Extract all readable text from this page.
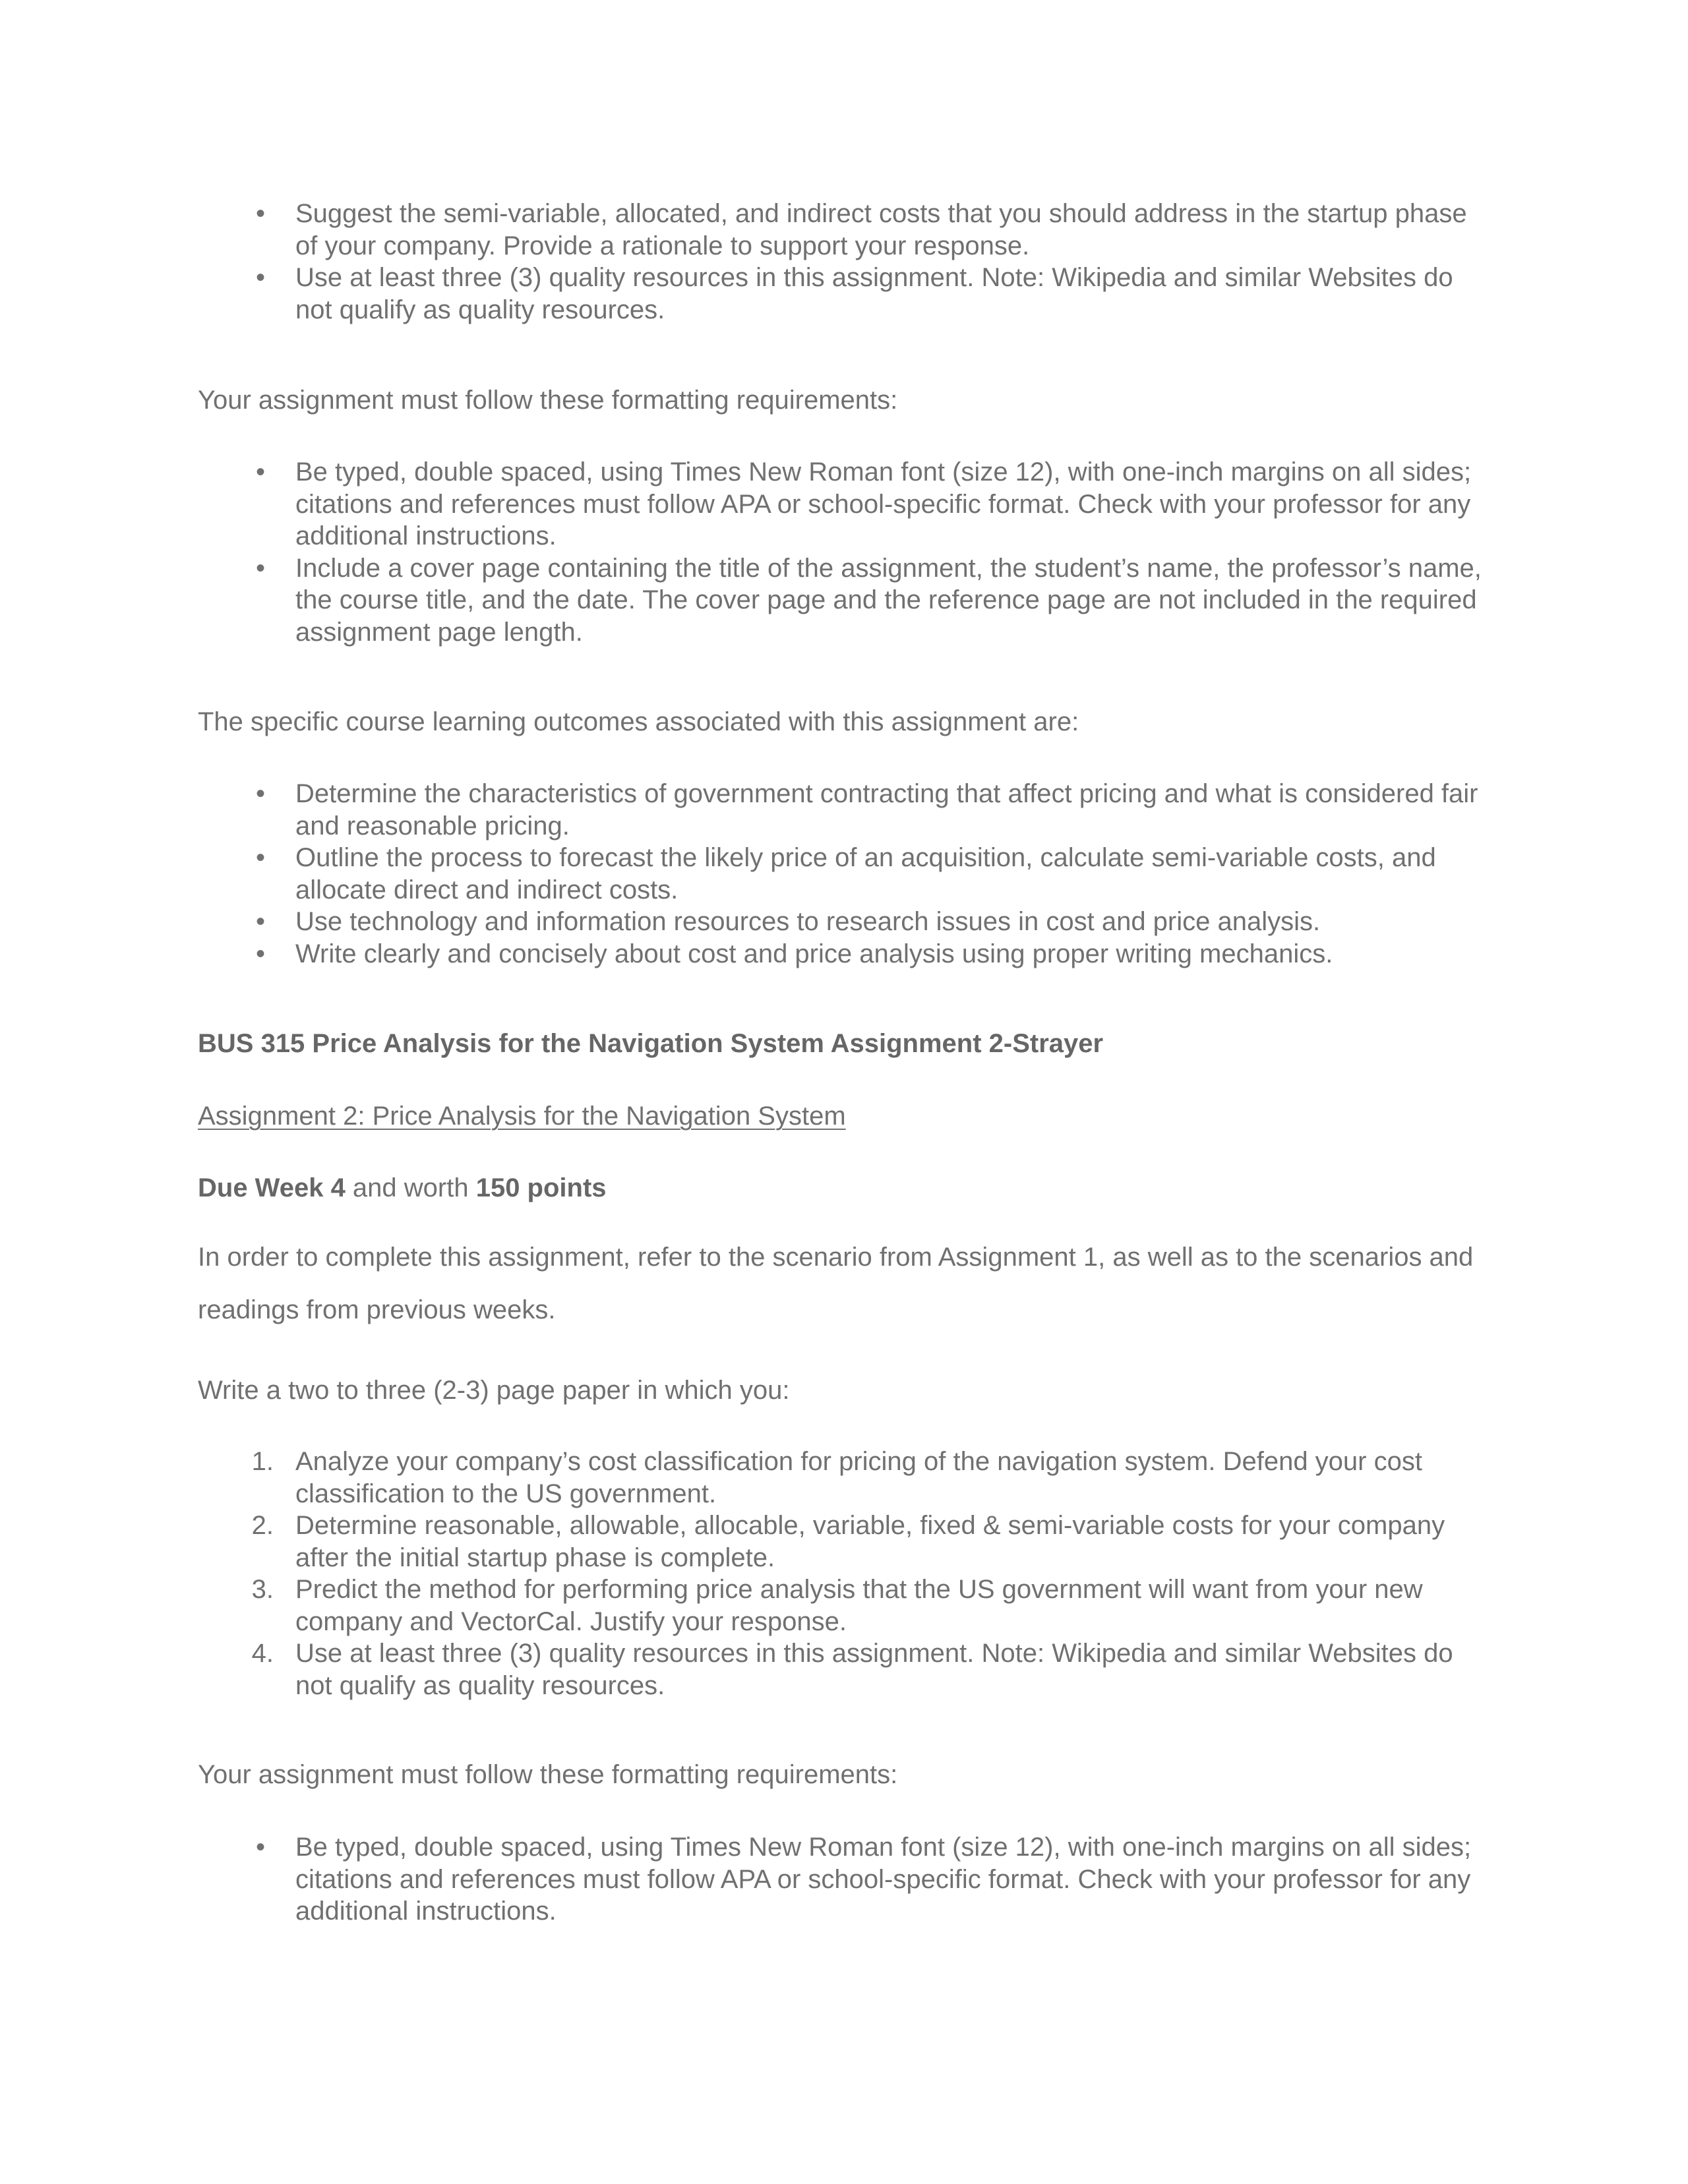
•	Suggest the semi-variable, allocated, and indirect costs that you should address in the startup phase of your company. Provide a rationale to support your response.
•	Use at least three (3) quality resources in this assignment. Note: Wikipedia and similar Websites do not qualify as quality resources.

Your assignment must follow these formatting requirements:

•	Be typed, double spaced, using Times New Roman font (size 12), with one-inch margins on all sides; citations and references must follow APA or school-specific format. Check with your professor for any additional instructions.
•	Include a cover page containing the title of the assignment, the student’s name, the professor’s name, the course title, and the date. The cover page and the reference page are not included in the required assignment page length.

The specific course learning outcomes associated with this assignment are:

•	Determine the characteristics of government contracting that affect pricing and what is considered fair and reasonable pricing.
•	Outline the process to forecast the likely price of an acquisition, calculate semi-variable costs, and allocate direct and indirect costs.
•	Use technology and information resources to research issues in cost and price analysis.
•	Write clearly and concisely about cost and price analysis using proper writing mechanics.

BUS 315 Price Analysis for the Navigation System Assignment 2-Strayer

Assignment 2: Price Analysis for the Navigation System

Due Week 4 and worth 150 points

In order to complete this assignment, refer to the scenario from Assignment 1, as well as to the scenarios and readings from previous weeks.

Write a two to three (2-3) page paper in which you:

1. Analyze your company’s cost classification for pricing of the navigation system. Defend your cost classification to the US government.
2. Determine reasonable, allowable, allocable, variable, fixed & semi-variable costs for your company after the initial startup phase is complete.
3. Predict the method for performing price analysis that the US government will want from your new company and VectorCal. Justify your response.
4. Use at least three (3) quality resources in this assignment. Note: Wikipedia and similar Websites do not qualify as quality resources.

Your assignment must follow these formatting requirements:

•	Be typed, double spaced, using Times New Roman font (size 12), with one-inch margins on all sides; citations and references must follow APA or school-specific format. Check with your professor for any additional instructions.
